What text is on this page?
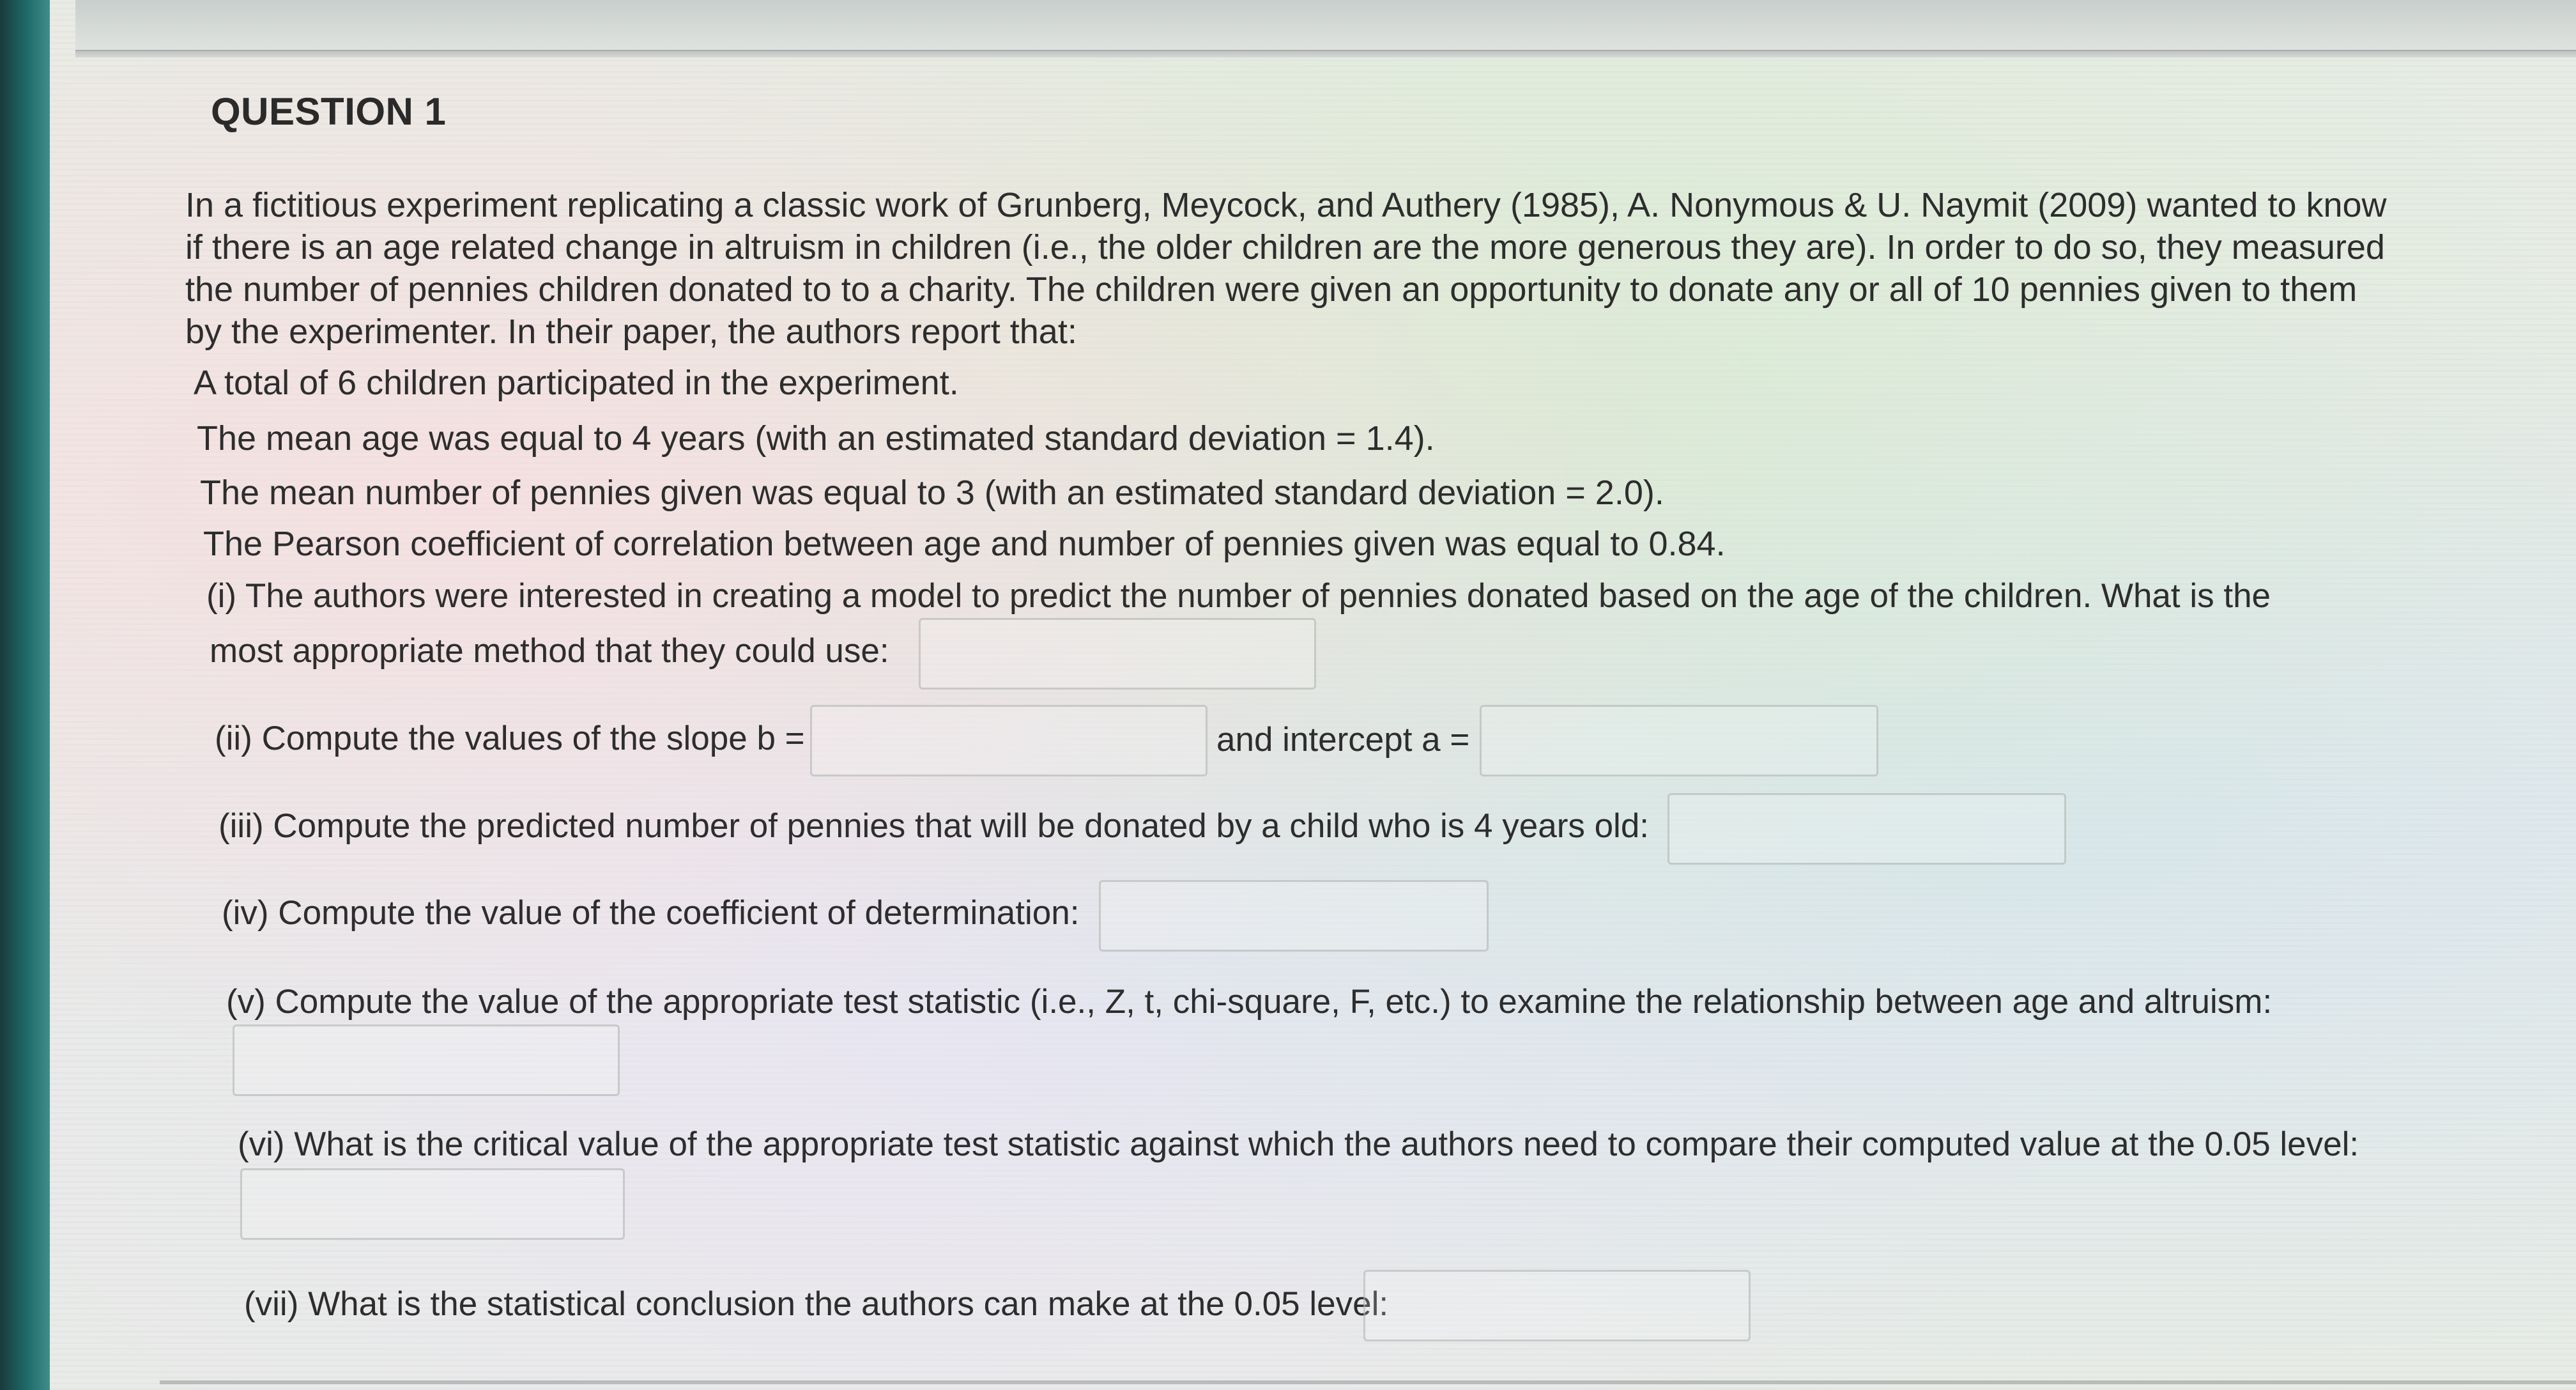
QUESTION 1
In a fictitious experiment replicating a classic work of Grunberg, Meycock, and Authery (1985), A. Nonymous & U. Naymit (2009) wanted to know if there is an age related change in altruism in children (i.e., the older children are the more generous they are). In order to do so, they measured the number of pennies children donated to to a charity. The children were given an opportunity to donate any or all of 10 pennies given to them by the experimenter. In their paper, the authors report that:
A total of 6 children participated in the experiment.
The mean age was equal to 4 years (with an estimated standard deviation = 1.4).
The mean number of pennies given was equal to 3 (with an estimated standard deviation = 2.0).
The Pearson coefficient of correlation between age and number of pennies given was equal to 0.84.
(i) The authors were interested in creating a model to predict the number of pennies donated based on the age of the children. What is the
most appropriate method that they could use:
(ii) Compute the values of the slope b =	and intercept a =
(iii) Compute the predicted number of pennies that will be donated by a child who is 4 years old:
(iv) Compute the value of the coefficient of determination:
(v) Compute the value of the appropriate test statistic (i.e., Z, t, chi-square, F, etc.) to examine the relationship between age and altruism:
(vi) What is the critical value of the appropriate test statistic against which the authors need to compare their computed value at the 0.05 level:
(vii) What is the statistical conclusion the authors can make at the 0.05 level:
